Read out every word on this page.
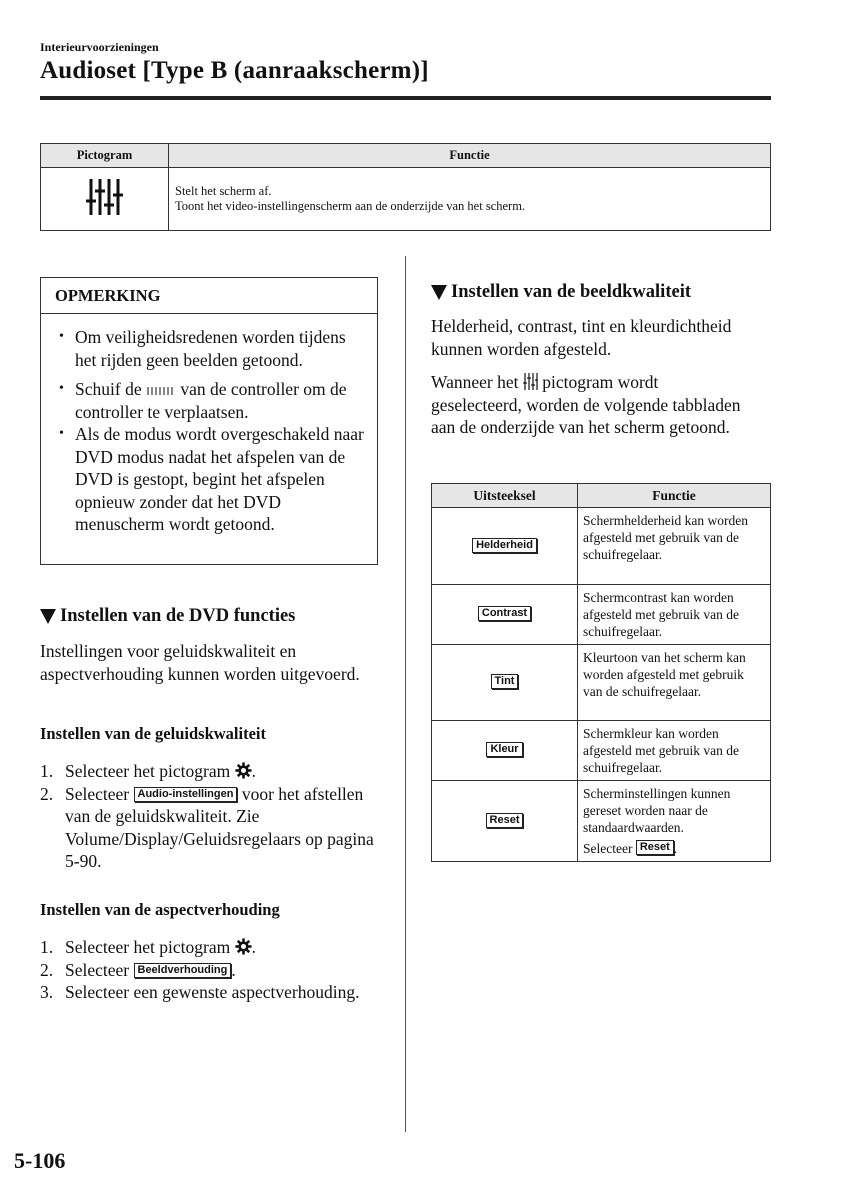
Interieurvoorzieningen
Audioset [Type B (aanraakscherm)]
Pictogram	Functie

Stelt het scherm af.
Toont het video-instellingenscherm aan de onderzijde van het scherm.
OPMERKING
• Om veiligheidsredenen worden tijdens het rijden geen beelden getoond.
• Schuif de van de controller om de controller te verplaatsen.
• Als de modus wordt overgeschakeld naar DVD modus nadat het afspelen van de DVD is gestopt, begint het afspelen opnieuw zonder dat het DVD menuscherm wordt getoond.
Instellen van de DVD functies
Instellingen voor geluidskwaliteit en aspectverhouding kunnen worden uitgevoerd.
Instellen van de geluidskwaliteit
1. Selecteer het pictogram .
2. Selecteer Audio-instellingen voor het afstellen van de geluidskwaliteit. Zie Volume/Display/Geluidsregelaars op pagina 5-90.
Instellen van de aspectverhouding
1. Selecteer het pictogram .
2. Selecteer Beeldverhouding .
3. Selecteer een gewenste aspectverhouding.
Instellen van de beeldkwaliteit
Helderheid, contrast, tint en kleurdichtheid kunnen worden afgesteld.
Wanneer het pictogram wordt geselecteerd, worden de volgende tabbladen aan de onderzijde van het scherm getoond.
Uitsteeksel	Functie
Helderheid	Schermhelderheid kan worden afgesteld met gebruik van de schuifregelaar.
Contrast	Schermcontrast kan worden afgesteld met gebruik van de schuifregelaar.
Tint	Kleurtoon van het scherm kan worden afgesteld met gebruik van de schuifregelaar.
Kleur	Schermkleur kan worden afgesteld met gebruik van de schuifregelaar.
Reset	Scherminstellingen kunnen gereset worden naar de standaardwaarden.
Selecteer Reset .
5-106
